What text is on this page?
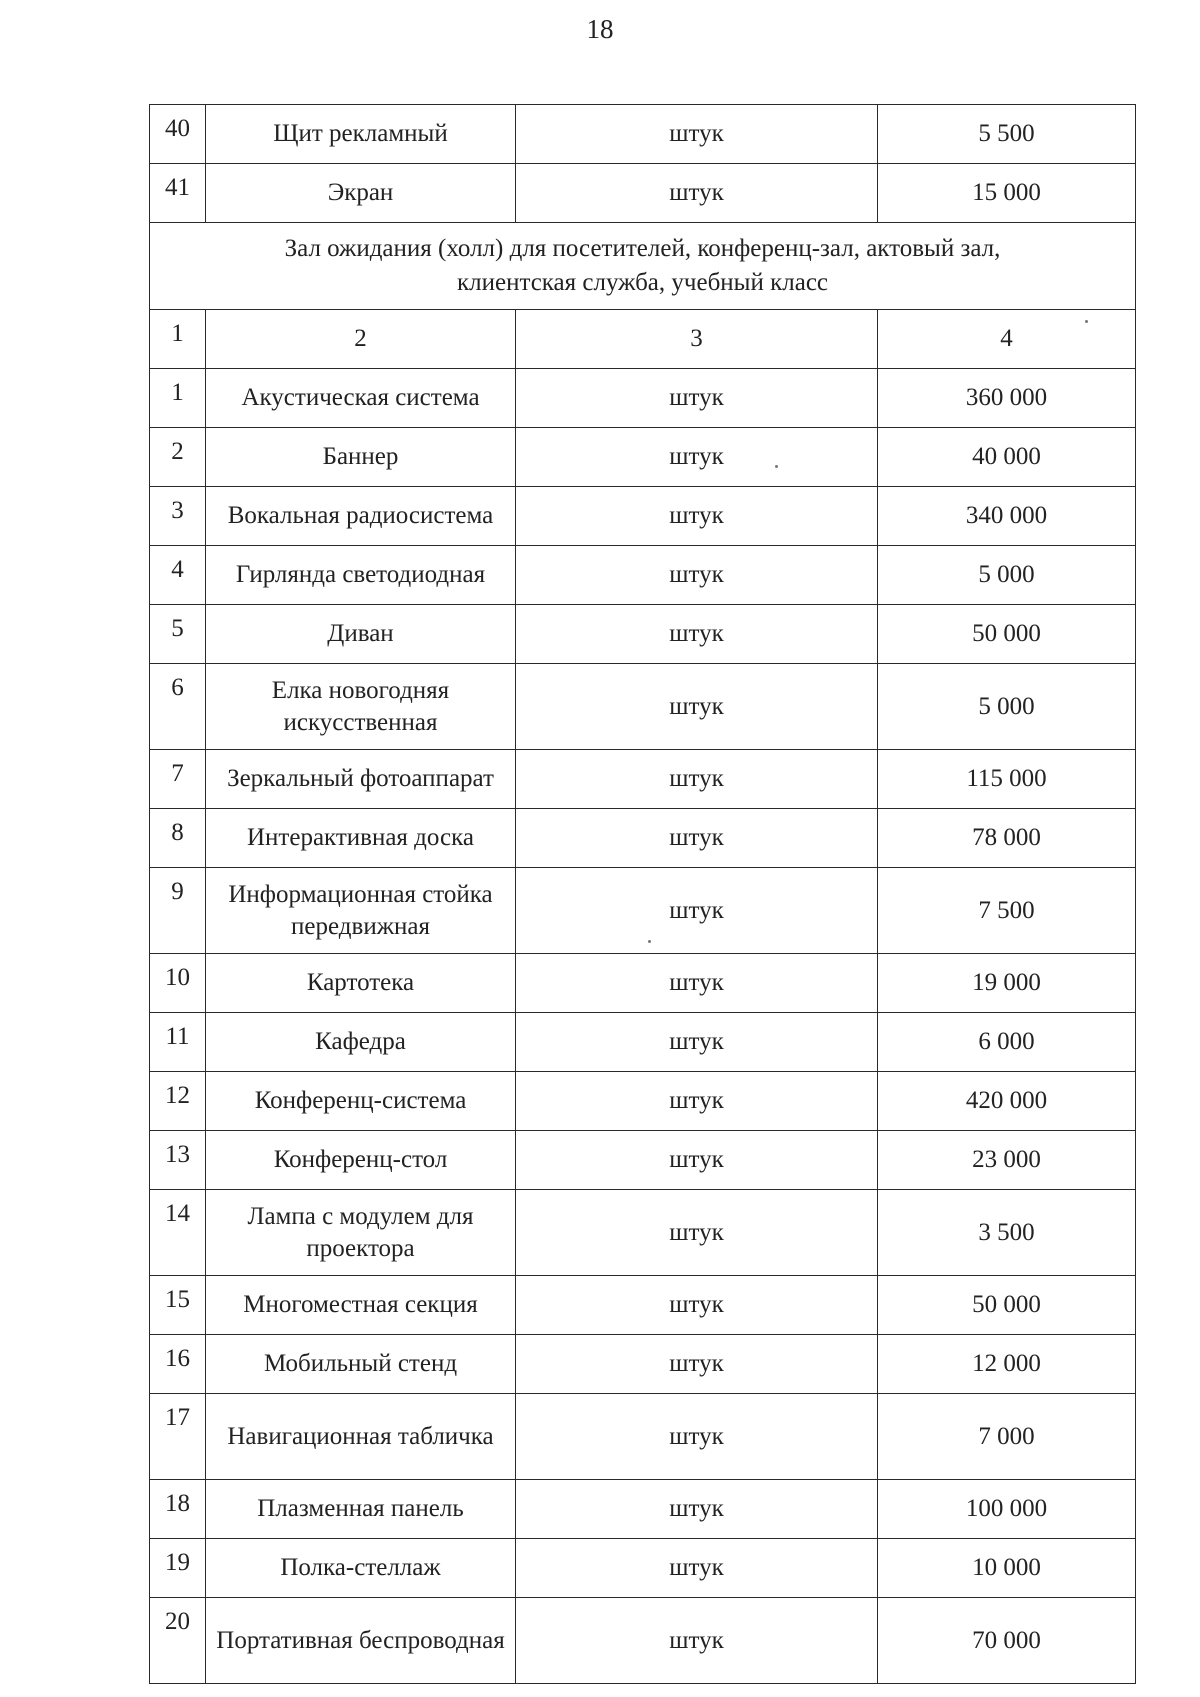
18
40	Щит рекламный	штук	5 500
41	Экран	штук	15 000
Зал ожидания (холл) для посетителей, конференц-зал, актовый зал, клиентская служба, учебный класс			
1	2	3	4
1	Акустическая система	штук	360 000
2	Баннер	штук	40 000
3	Вокальная радиосистема	штук	340 000
4	Гирлянда светодиодная	штук	5 000
5	Диван	штук	50 000
6	Елка новогодняя искусственная	штук	5 000
7	Зеркальный фотоаппарат	штук	115 000
8	Интерактивная доска	штук	78 000
9	Информационная стойка передвижная	штук	7 500
10	Картотека	штук	19 000
11	Кафедра	штук	6 000
12	Конференц-система	штук	420 000
13	Конференц-стол	штук	23 000
14	Лампа с модулем для проектора	штук	3 500
15	Многоместная секция	штук	50 000
16	Мобильный стенд	штук	12 000
17	Навигационная табличка	штук	7 000
18	Плазменная панель	штук	100 000
19	Полка-стеллаж	штук	10 000
20	Портативная беспроводная	штук	70 000
